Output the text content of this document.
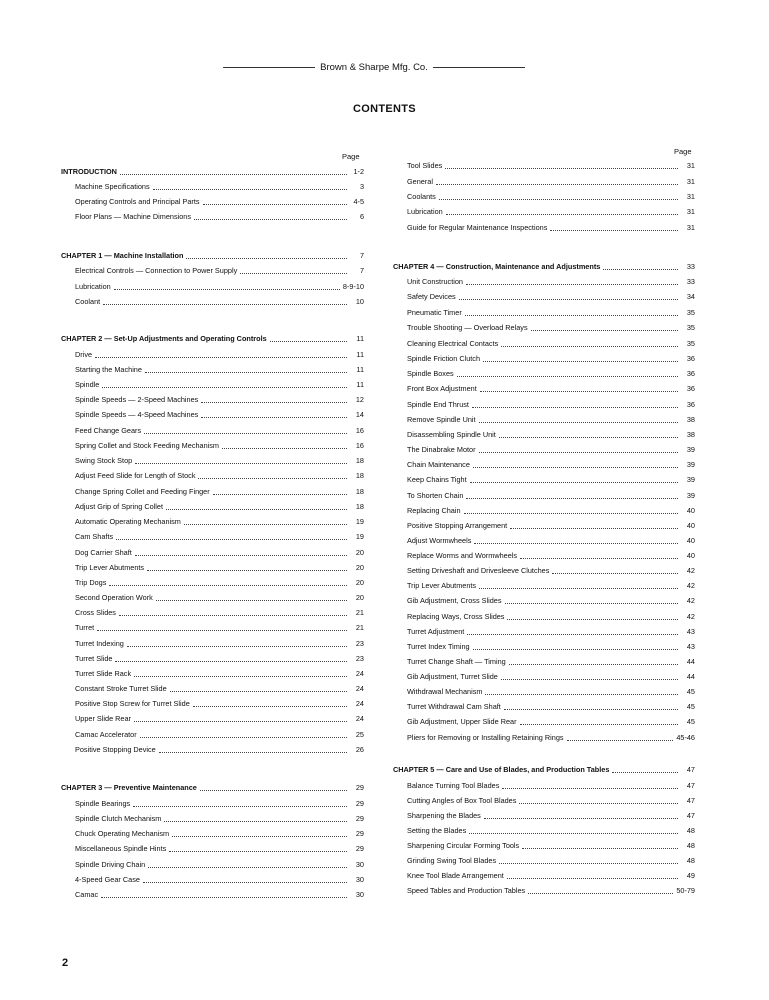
Brown & Sharpe Mfg. Co.
CONTENTS
Page
Page
INTRODUCTION	1-2
Machine Specifications	3
Operating Controls and Principal Parts	4-5
Floor Plans — Machine Dimensions	6
CHAPTER 1 — Machine Installation	7
Electrical Controls — Connection to Power Supply	7
Lubrication	8-9-10
Coolant	10
CHAPTER 2 — Set-Up Adjustments and Operating Controls	11
Drive	11
Starting the Machine	11
Spindle	11
Spindle Speeds — 2-Speed Machines	12
Spindle Speeds — 4-Speed Machines	14
Feed Change Gears	16
Spring Collet and Stock Feeding Mechanism	16
Swing Stock Stop	18
Adjust Feed Slide for Length of Stock	18
Change Spring Collet and Feeding Finger	18
Adjust Grip of Spring Collet	18
Automatic Operating Mechanism	19
Cam Shafts	19
Dog Carrier Shaft	20
Trip Lever Abutments	20
Trip Dogs	20
Second Operation Work	20
Cross Slides	21
Turret	21
Turret Indexing	23
Turret Slide	23
Turret Slide Rack	24
Constant Stroke Turret Slide	24
Positive Stop Screw for Turret Slide	24
Upper Slide Rear	24
Camac Accelerator	25
Positive Stopping Device	26
CHAPTER 3 — Preventive Maintenance	29
Spindle Bearings	29
Spindle Clutch Mechanism	29
Chuck Operating Mechanism	29
Miscellaneous Spindle Hints	29
Spindle Driving Chain	30
4-Speed Gear Case	30
Camac	30
Tool Slides	31
General	31
Coolants	31
Lubrication	31
Guide for Regular Maintenance Inspections	31
CHAPTER 4 — Construction, Maintenance and Adjustments	33
Unit Construction	33
Safety Devices	34
Pneumatic Timer	35
Trouble Shooting — Overload Relays	35
Cleaning Electrical Contacts	35
Spindle Friction Clutch	36
Spindle Boxes	36
Front Box Adjustment	36
Spindle End Thrust	36
Remove Spindle Unit	38
Disassembling Spindle Unit	38
The Dinabrake Motor	39
Chain Maintenance	39
Keep Chains Tight	39
To Shorten Chain	39
Replacing Chain	40
Positive Stopping Arrangement	40
Adjust Wormwheels	40
Replace Worms and Wormwheels	40
Setting Driveshaft and Drivesleeve Clutches	42
Trip Lever Abutments	42
Gib Adjustment, Cross Slides	42
Replacing Ways, Cross Slides	42
Turret Adjustment	43
Turret Index Timing	43
Turret Change Shaft — Timing	44
Gib Adjustment, Turret Slide	44
Withdrawal Mechanism	45
Turret Withdrawal Cam Shaft	45
Gib Adjustment, Upper Slide Rear	45
Pliers for Removing or Installing Retaining Rings	45-46
CHAPTER 5 — Care and Use of Blades, and Production Tables	47
Balance Turning Tool Blades	47
Cutting Angles of Box Tool Blades	47
Sharpening the Blades	47
Setting the Blades	48
Sharpening Circular Forming Tools	48
Grinding Swing Tool Blades	48
Knee Tool Blade Arrangement	49
Speed Tables and Production Tables	50-79
2
